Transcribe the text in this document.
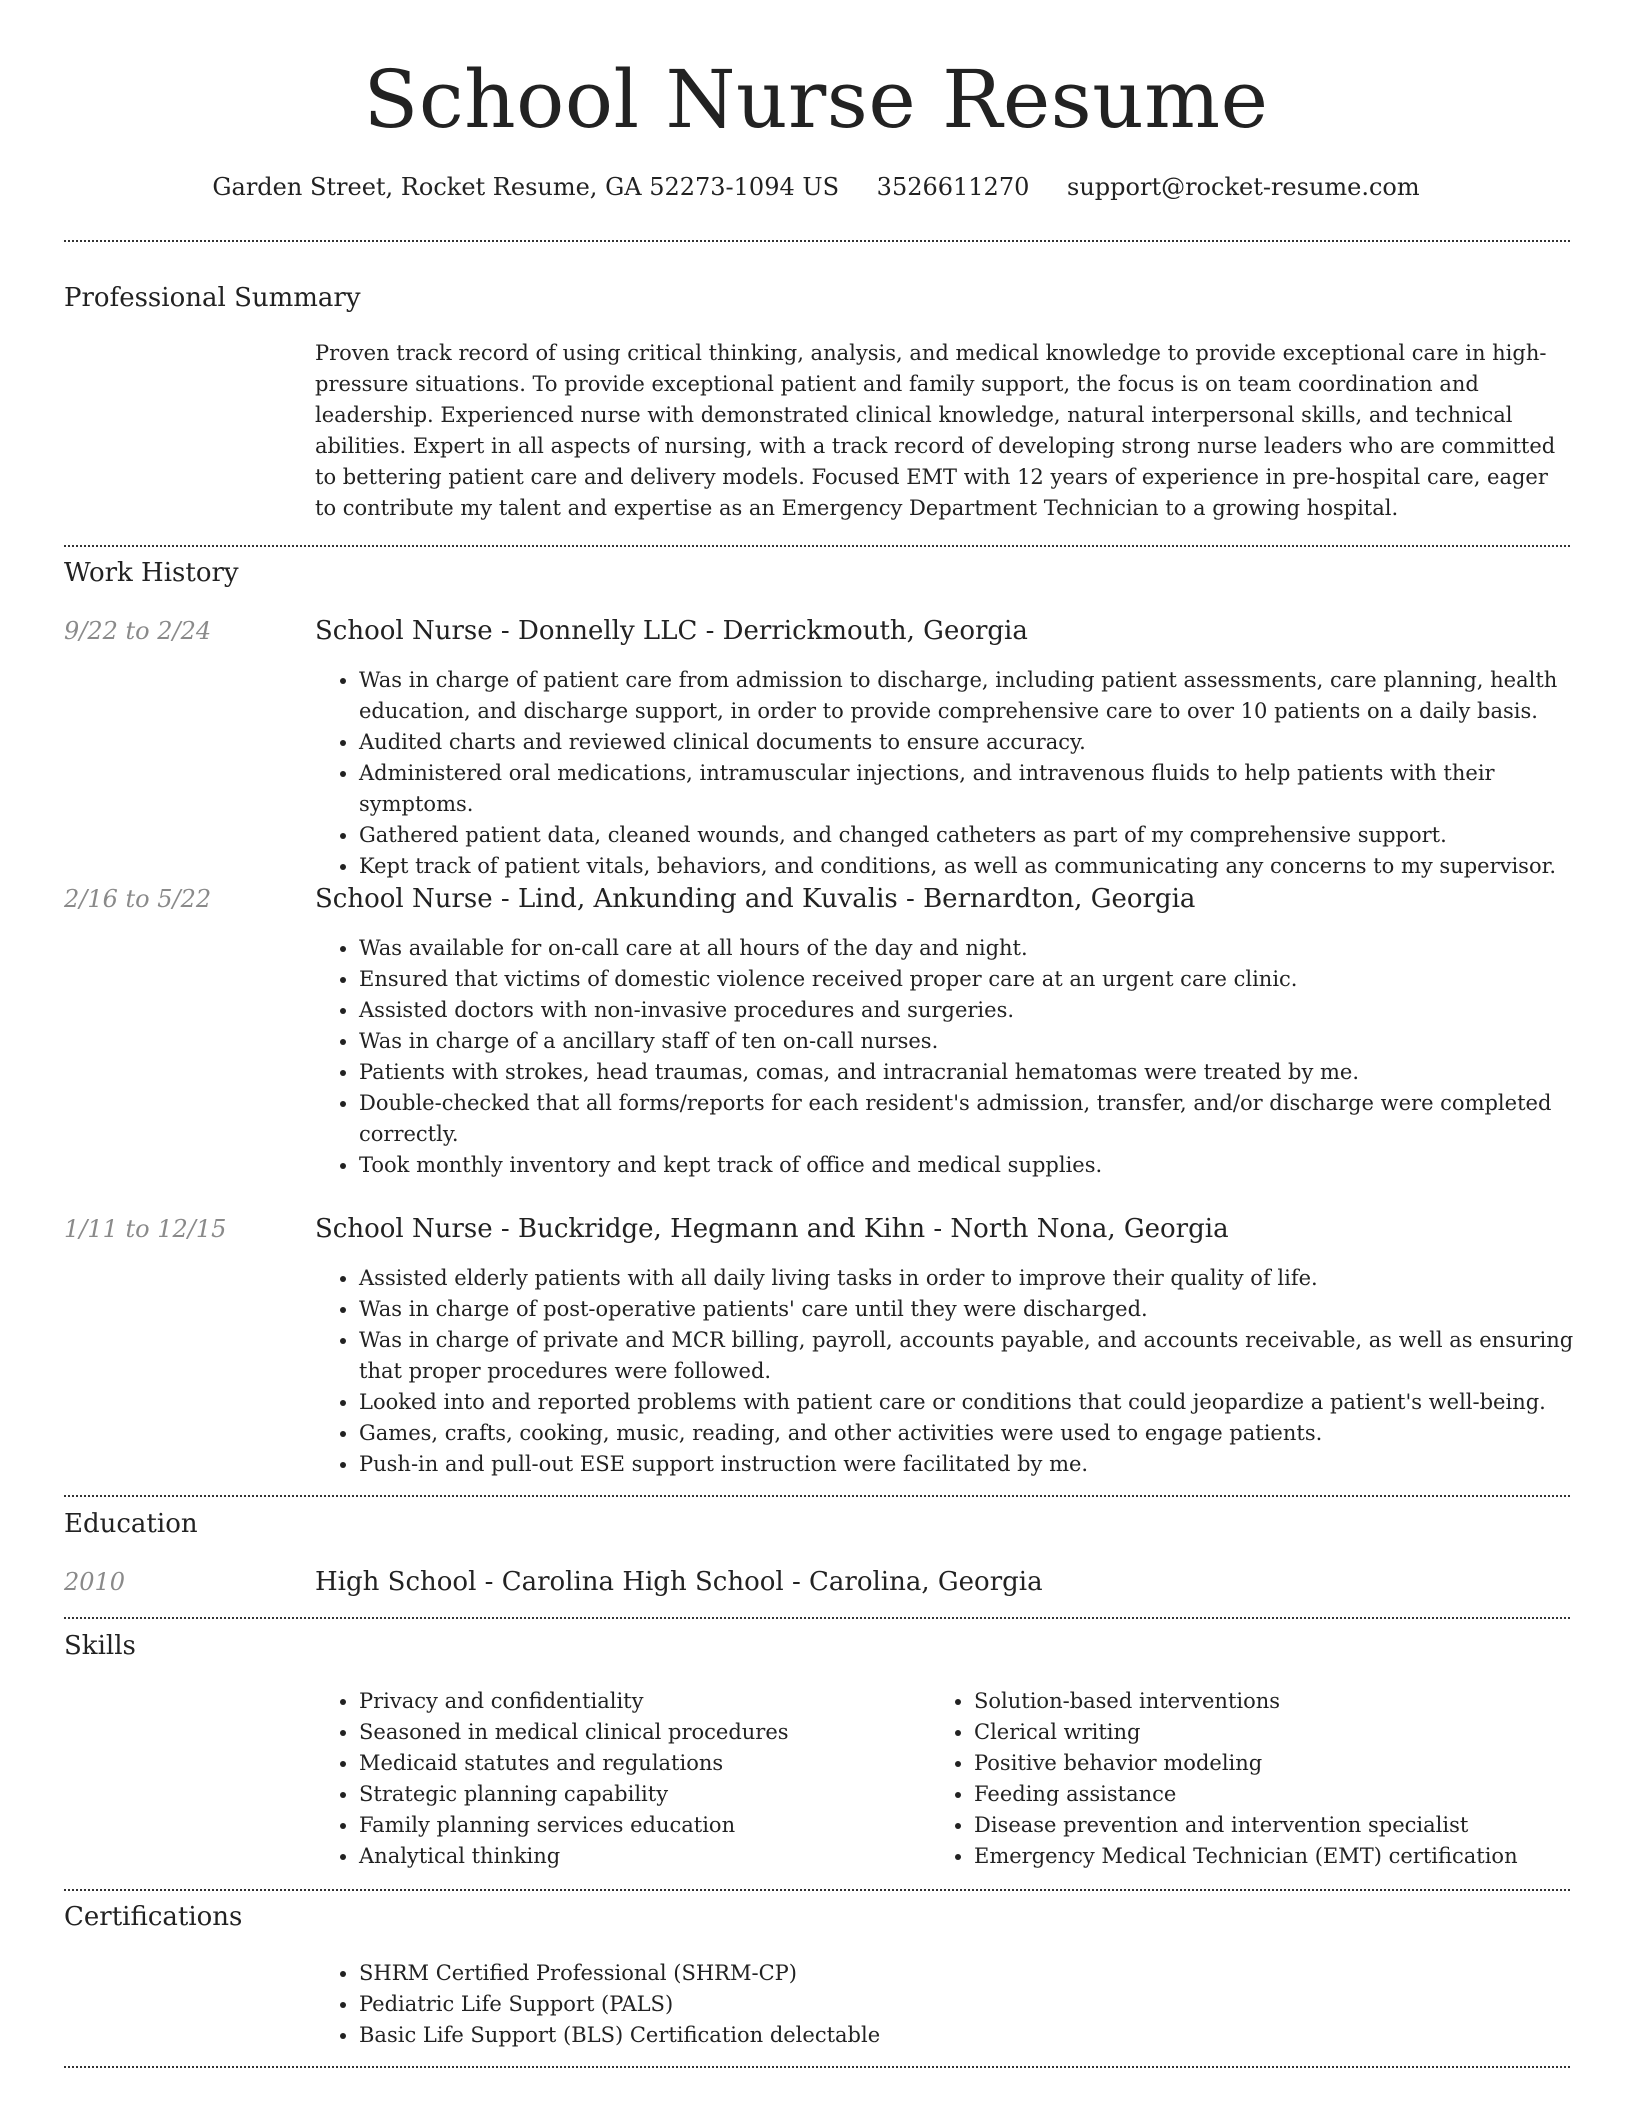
School Nurse Resume
Garden Street, Rocket Resume, GA 52273-1094 US 3526611270 support@rocket-resume.com
Professional Summary
Proven track record of using critical thinking, analysis, and medical knowledge to provide exceptional care in high-pressure situations. To provide exceptional patient and family support, the focus is on team coordination and leadership. Experienced nurse with demonstrated clinical knowledge, natural interpersonal skills, and technical abilities. Expert in all aspects of nursing, with a track record of developing strong nurse leaders who are committed to bettering patient care and delivery models. Focused EMT with 12 years of experience in pre-hospital care, eager to contribute my talent and expertise as an Emergency Department Technician to a growing hospital.
Work History
9/22 to 2/24	School Nurse - Donnelly LLC - Derrickmouth, Georgia
• Was in charge of patient care from admission to discharge, including patient assessments, care planning, health education, and discharge support, in order to provide comprehensive care to over 10 patients on a daily basis.
• Audited charts and reviewed clinical documents to ensure accuracy.
• Administered oral medications, intramuscular injections, and intravenous fluids to help patients with their symptoms.
• Gathered patient data, cleaned wounds, and changed catheters as part of my comprehensive support.
• Kept track of patient vitals, behaviors, and conditions, as well as communicating any concerns to my supervisor.
2/16 to 5/22	School Nurse - Lind, Ankunding and Kuvalis - Bernardton, Georgia
• Was available for on-call care at all hours of the day and night.
• Ensured that victims of domestic violence received proper care at an urgent care clinic.
• Assisted doctors with non-invasive procedures and surgeries.
• Was in charge of a ancillary staff of ten on-call nurses.
• Patients with strokes, head traumas, comas, and intracranial hematomas were treated by me.
• Double-checked that all forms/reports for each resident's admission, transfer, and/or discharge were completed correctly.
• Took monthly inventory and kept track of office and medical supplies.
1/11 to 12/15	School Nurse - Buckridge, Hegmann and Kihn - North Nona, Georgia
• Assisted elderly patients with all daily living tasks in order to improve their quality of life.
• Was in charge of post-operative patients' care until they were discharged.
• Was in charge of private and MCR billing, payroll, accounts payable, and accounts receivable, as well as ensuring that proper procedures were followed.
• Looked into and reported problems with patient care or conditions that could jeopardize a patient's well-being.
• Games, crafts, cooking, music, reading, and other activities were used to engage patients.
• Push-in and pull-out ESE support instruction were facilitated by me.
Education
2010	High School - Carolina High School - Carolina, Georgia
Skills
• Privacy and confidentiality
• Seasoned in medical clinical procedures
• Medicaid statutes and regulations
• Strategic planning capability
• Family planning services education
• Analytical thinking
• Solution-based interventions
• Clerical writing
• Positive behavior modeling
• Feeding assistance
• Disease prevention and intervention specialist
• Emergency Medical Technician (EMT) certification
Certifications
• SHRM Certified Professional (SHRM-CP)
• Pediatric Life Support (PALS)
• Basic Life Support (BLS) Certification delectable
